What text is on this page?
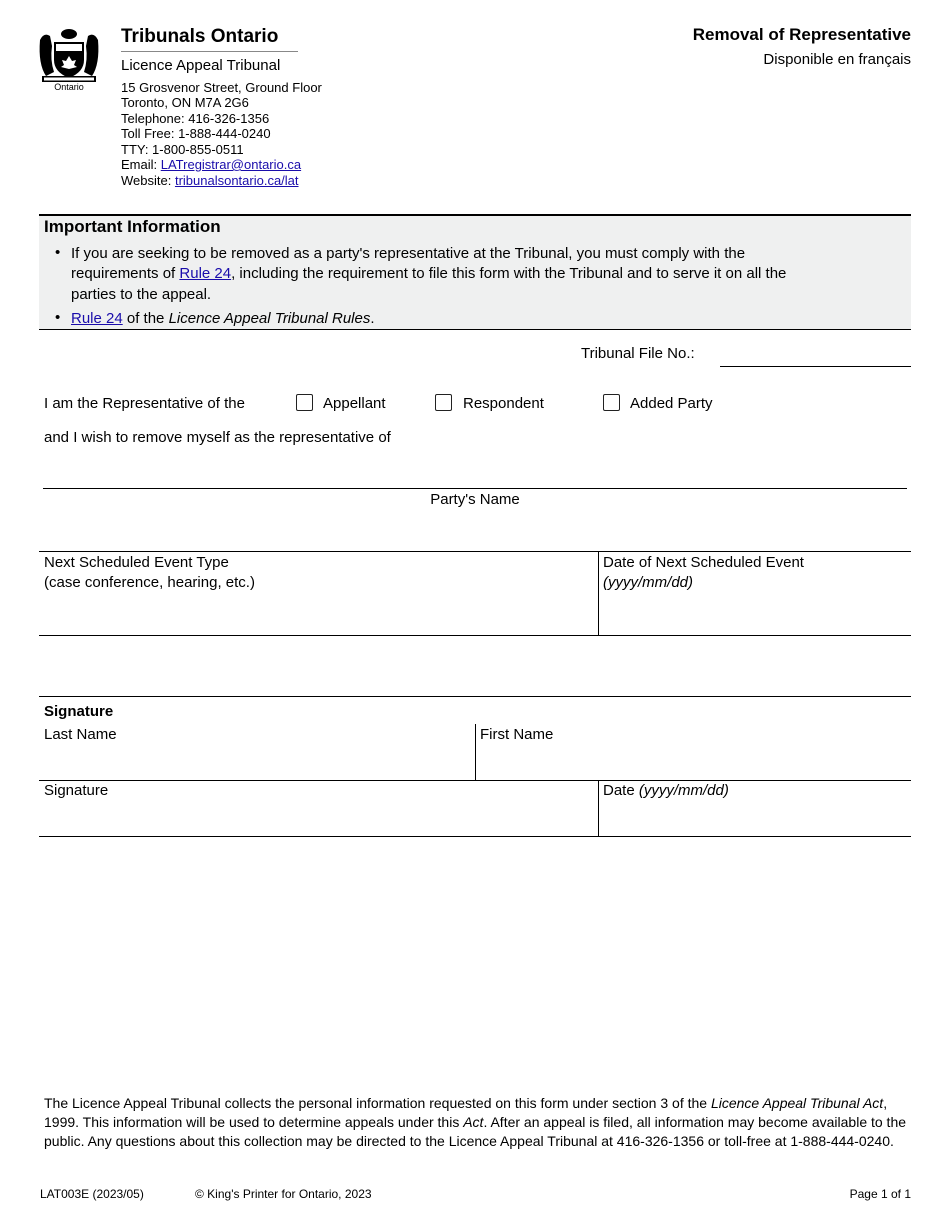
Ontario
Tribunals Ontario
Licence Appeal Tribunal
15 Grosvenor Street, Ground Floor
Toronto, ON M7A 2G6
Telephone: 416-326-1356
Toll Free: 1-888-444-0240
TTY: 1-800-855-0511
Email: LATregistrar@ontario.ca
Website: tribunalsontario.ca/lat
Removal of Representative
Disponible en français
Important Information
• If you are seeking to be removed as a party's representative at the Tribunal, you must comply with the
requirements of Rule 24, including the requirement to file this form with the Tribunal and to serve it on all the
parties to the appeal.
• Rule 24 of the Licence Appeal Tribunal Rules.
Tribunal File No.:
I am the Representative of the	Appellant	Respondent	Added Party
and I wish to remove myself as the representative of
Party's Name
Next Scheduled Event Type
(case conference, hearing, etc.)
Date of Next Scheduled Event
(yyyy/mm/dd)
Signature
Last Name	First Name
Signature	Date (yyyy/mm/dd)
The Licence Appeal Tribunal collects the personal information requested on this form under section 3 of the Licence Appeal Tribunal Act, 1999. This information will be used to determine appeals under this Act. After an appeal is filed, all information may become available to the public. Any questions about this collection may be directed to the Licence Appeal Tribunal at 416-326-1356 or toll-free at 1-888-444-0240.
LAT003E (2023/05)	© King's Printer for Ontario, 2023	Page 1 of 1
